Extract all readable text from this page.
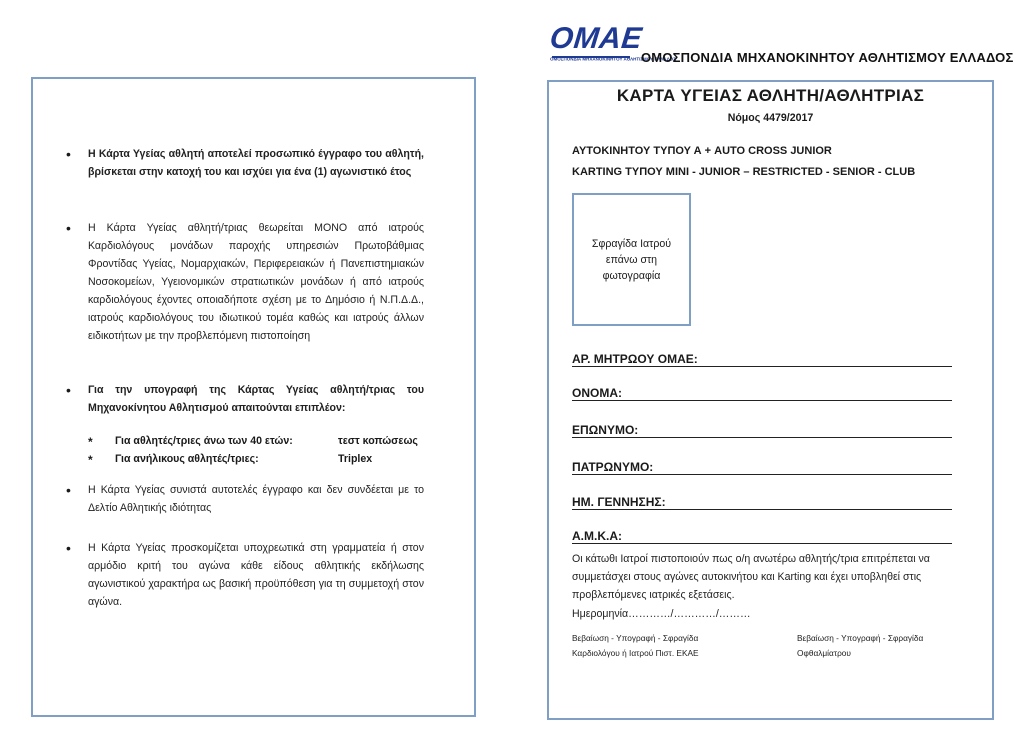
OMAE
ΟΜΟΣΠΟΝΔΙΑ ΜΗΧΑΝΟΚΙΝΗΤΟΥ ΑΘΛΗΤΙΣΜΟΥ ΕΛΛΑΔΟΣ
ΟΜΟΣΠΟΝΔΙΑ ΜΗΧΑΝΟΚΙΝΗΤΟΥ ΑΘΛΗΤΙΣΜΟΥ ΕΛΛΑΔΟΣ
• Η Κάρτα Υγείας αθλητή αποτελεί προσωπικό έγγραφο του αθλητή, βρίσκεται στην κατοχή του και ισχύει για ένα (1) αγωνιστικό έτος
• Η Κάρτα Υγείας αθλητή/τριας θεωρείται ΜΟΝΟ από ιατρούς Καρδιολόγους μονάδων παροχής υπηρεσιών Πρωτοβάθμιας Φροντίδας Υγείας, Νομαρχιακών, Περιφερειακών ή Πανεπιστημιακών Νοσοκομείων, Υγειονομικών στρατιωτικών μονάδων ή από ιατρούς καρδιολόγους έχοντες οποιαδήποτε σχέση με το Δημόσιο ή Ν.Π.Δ.Δ., ιατρούς καρδιολόγους του ιδιωτικού τομέα καθώς και ιατρούς άλλων ειδικοτήτων με την προβλεπόμενη πιστοποίηση
• Για την υπογραφή της Κάρτας Υγείας αθλητή/τριας του Μηχανοκίνητου Αθλητισμού απαιτούνται επιπλέον:
* Για αθλητές/τριες άνω των 40 ετών:	τεστ κοπώσεως
* Για ανήλικους αθλητές/τριες:	Triplex
• Η Κάρτα Υγείας συνιστά αυτοτελές έγγραφο και δεν συνδέεται με το Δελτίο Αθλητικής ιδιότητας
• Η Κάρτα Υγείας προσκομίζεται υποχρεωτικά στη γραμματεία ή στον αρμόδιο κριτή του αγώνα κάθε είδους αθλητικής εκδήλωσης αγωνιστικού χαρακτήρα ως βασική προϋπόθεση για τη συμμετοχή στον αγώνα.
ΚΑΡΤΑ ΥΓΕΙΑΣ ΑΘΛΗΤΗ/ΑΘΛΗΤΡΙΑΣ
Νόμος 4479/2017
ΑΥΤΟΚΙΝΗΤΟΥ ΤΥΠΟΥ Α + AUTO CROSS JUNIOR
KARTING ΤΥΠΟΥ MINI - JUNIOR – RESTRICTED - SENIOR - CLUB
Σφραγίδα Ιατρού επάνω στη φωτογραφία
ΑΡ. ΜΗΤΡΩΟΥ ΟΜΑΕ:
ΟΝΟΜΑ:
ΕΠΩΝΥΜΟ:
ΠΑΤΡΩΝΥΜΟ:
ΗΜ. ΓΕΝΝΗΣΗΣ:
Α.Μ.Κ.Α:
Οι κάτωθι Ιατροί πιστοποιούν πως ο/η ανωτέρω αθλητής/τρια επιτρέπεται να συμμετάσχει στους αγώνες αυτοκινήτου και Karting και έχει υποβληθεί στις προβλεπόμενες ιατρικές εξετάσεις.
Ημερομηνία…………/…………/………
Βεβαίωση - Υπογραφή - Σφραγίδα
Καρδιολόγου ή Ιατρού Πιστ. ΕΚΑΕ
Βεβαίωση - Υπογραφή - Σφραγίδα
Οφθαλμίατρου
